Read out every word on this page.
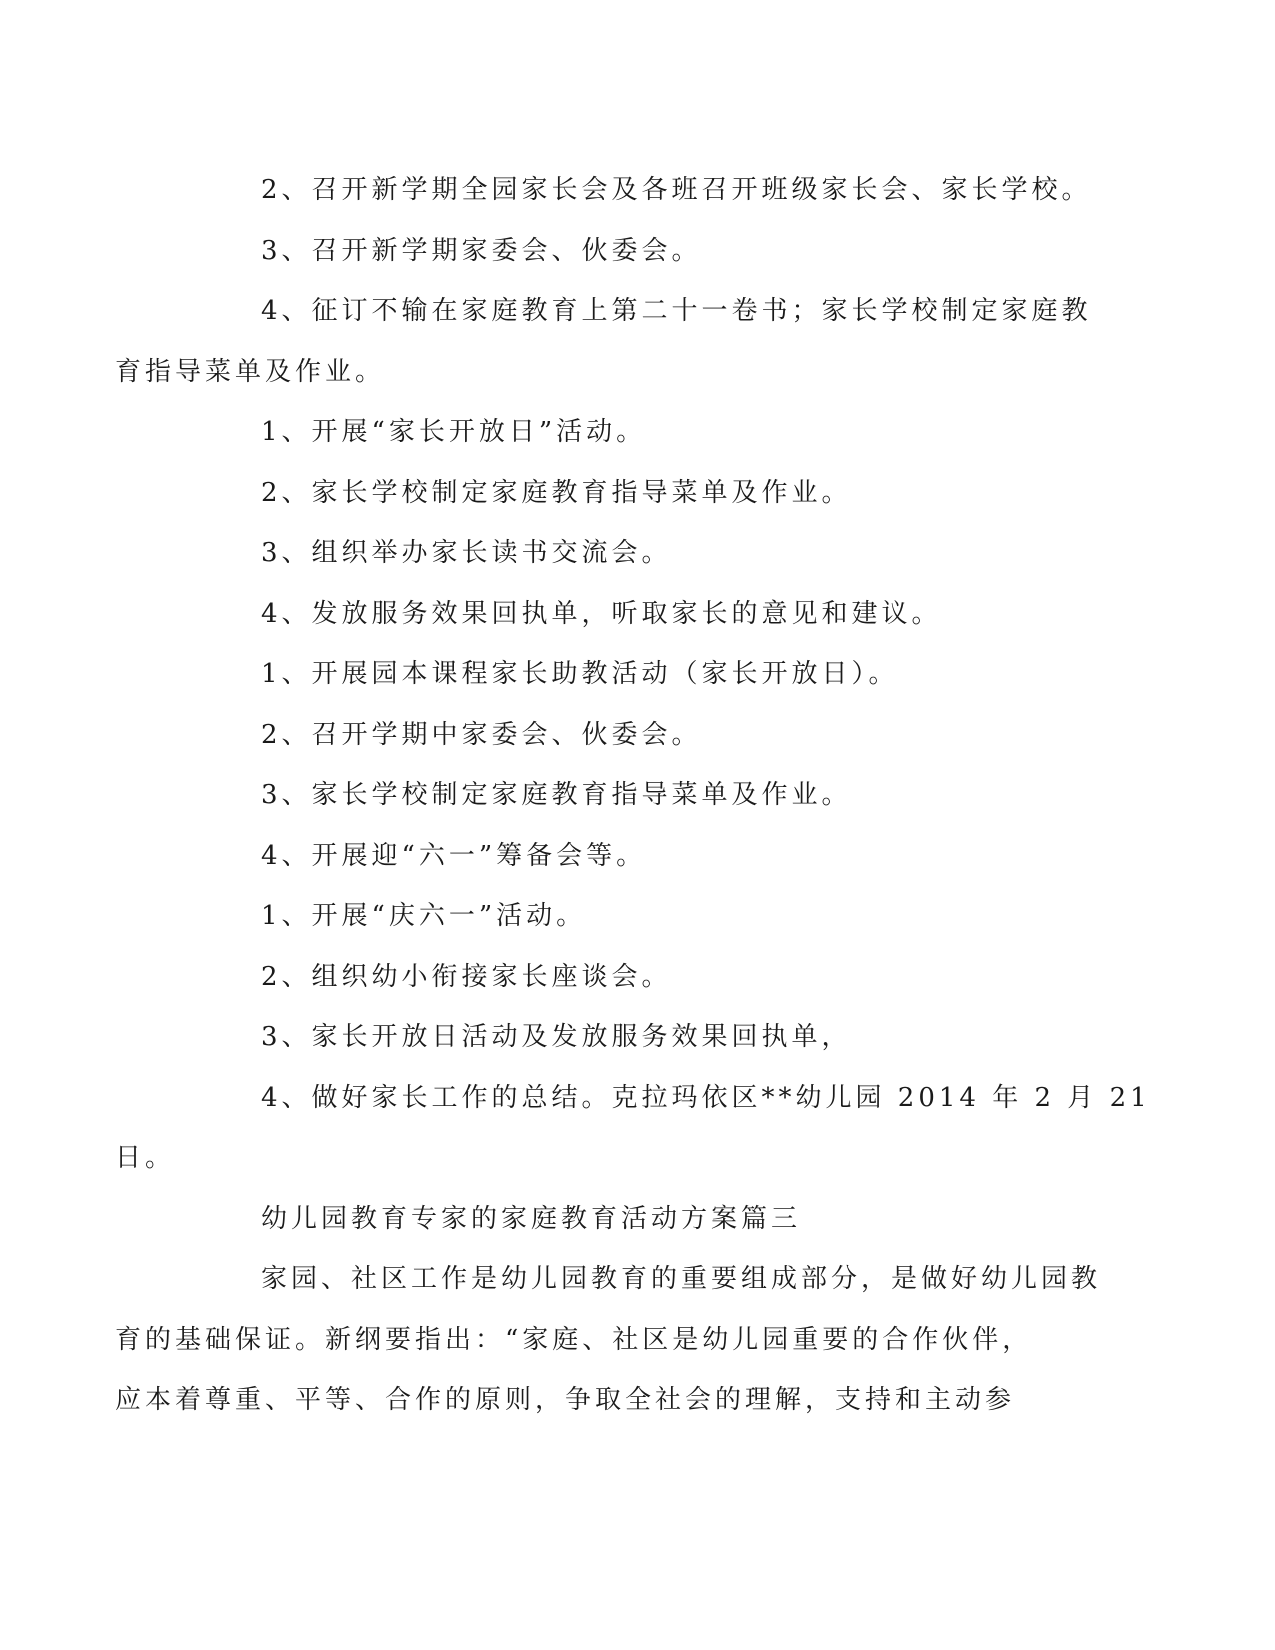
2、召开新学期全园家长会及各班召开班级家长会、家长学校。

3、召开新学期家委会、伙委会。

4、征订不输在家庭教育上第二十一卷书；家长学校制定家庭教
育指导菜单及作业。

1、开展“家长开放日”活动。

2、家长学校制定家庭教育指导菜单及作业。

3、组织举办家长读书交流会。

4、发放服务效果回执单，听取家长的意见和建议。

1、开展园本课程家长助教活动（家长开放日）。

2、召开学期中家委会、伙委会。

3、家长学校制定家庭教育指导菜单及作业。

4、开展迎“六一”筹备会等。

1、开展“庆六一”活动。

2、组织幼小衔接家长座谈会。

3、家长开放日活动及发放服务效果回执单，

4、做好家长工作的总结。克拉玛依区**幼儿园 2014 年 2 月 21
日。

幼儿园教育专家的家庭教育活动方案篇三

家园、社区工作是幼儿园教育的重要组成部分，是做好幼儿园教
育的基础保证。新纲要指出：“家庭、社区是幼儿园重要的合作伙伴，
应本着尊重、平等、合作的原则，争取全社会的理解，支持和主动参
